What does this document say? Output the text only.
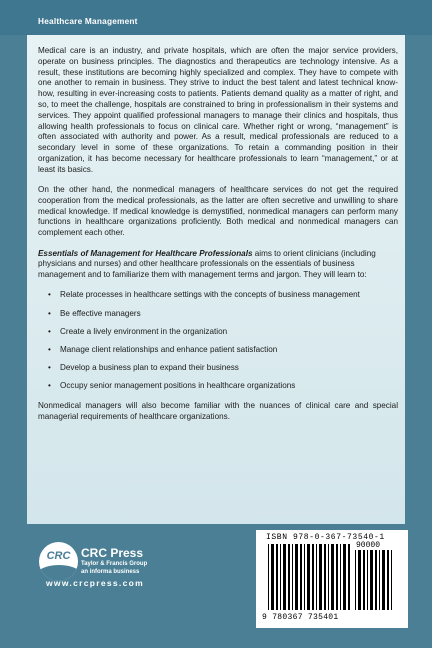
Healthcare Management

Medical care is an industry, and private hospitals, which are often the major service providers, operate on business principles. The diagnostics and therapeutics are technology intensive. As a result, these institutions are becoming highly specialized and complex. They have to compete with one another to remain in business. They strive to induct the best talent and latest technical know-how, resulting in ever-increasing costs to patients. Patients demand quality as a matter of right, and so, to meet the challenge, hospitals are constrained to bring in professionalism in their systems and services. They appoint qualified professional managers to manage their clinics and hospitals, thus allowing health professionals to focus on clinical care. Whether right or wrong, “management” is often associated with authority and power. As a result, medical professionals are reduced to a secondary level in some of these organizations. To retain a commanding position in their organization, it has become necessary for healthcare professionals to learn “management,” or at least its basics.

On the other hand, the nonmedical managers of healthcare services do not get the required cooperation from the medical professionals, as the latter are often secretive and unwilling to share medical knowledge. If medical knowledge is demystified, nonmedical managers can perform many functions in healthcare organizations proficiently. Both medical and nonmedical managers can complement each other.

Essentials of Management for Healthcare Professionals aims to orient clinicians (including physicians and nurses) and other healthcare professionals on the essentials of business management and to familiarize them with management terms and jargon. They will learn to:

• Relate processes in healthcare settings with the concepts of business management
• Be effective managers
• Create a lively environment in the organization
• Manage client relationships and enhance patient satisfaction
• Develop a business plan to expand their business
• Occupy senior management positions in healthcare organizations

Nonmedical managers will also become familiar with the nuances of clinical care and special managerial requirements of healthcare organizations.

CRC CRC Press
Taylor & Francis Group
an informa business
www.crcpress.com
ISBN 978-0-367-73540-1
90000
9 780367 735401
